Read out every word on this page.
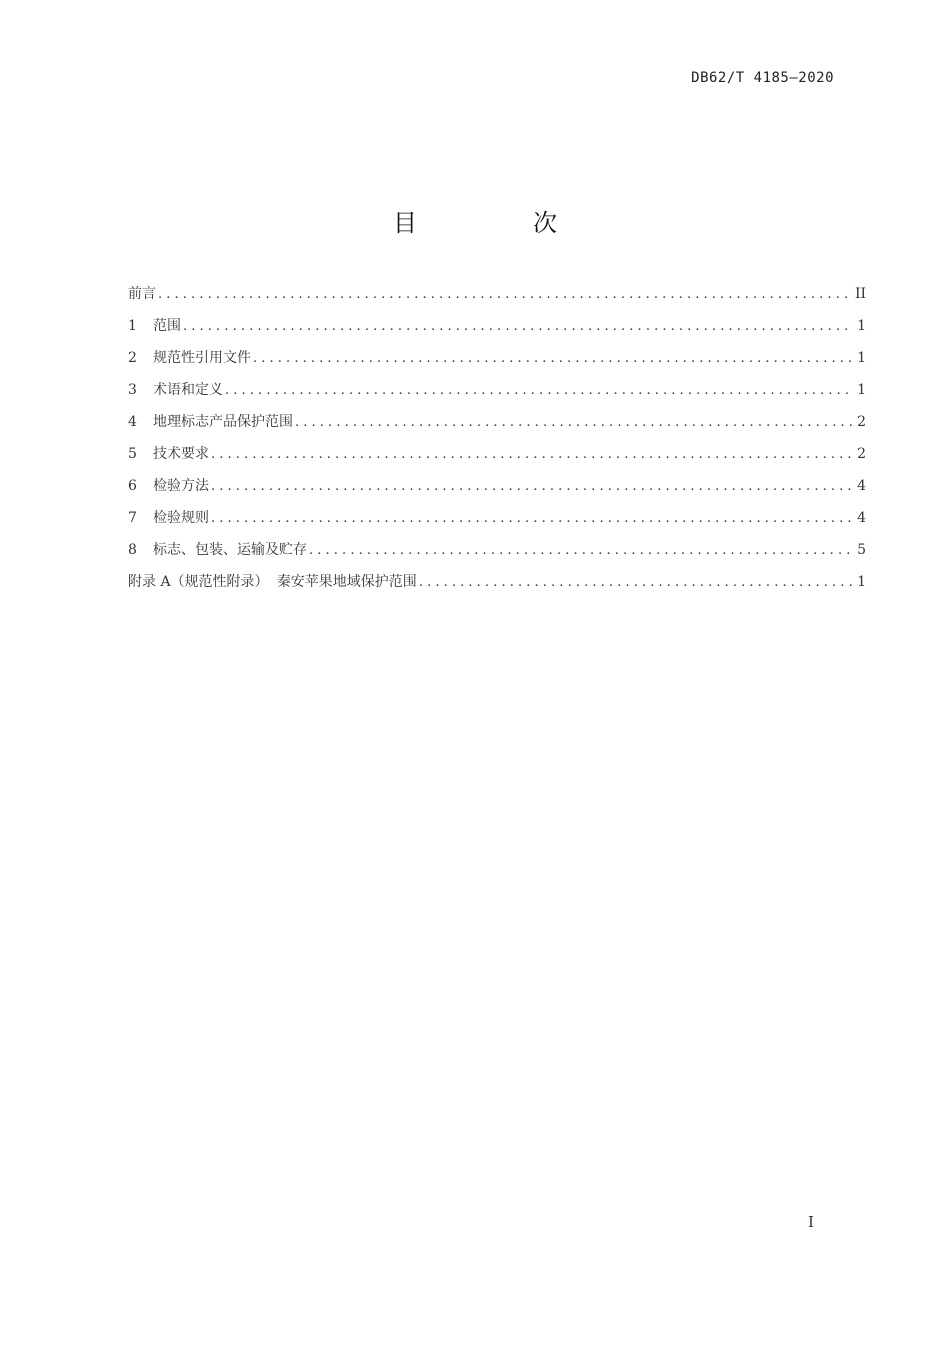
DB62/T 4185—2020
目　次
前言 . . .	II
1	范围 . . .	1
2	规范性引用文件 . . .	1
3	术语和定义 . . .	1
4	地理标志产品保护范围 . . .	2
5	技术要求 . . .	2
6	检验方法 . . .	4
7	检验规则 . . .	4
8	标志、包装、运输及贮存 . . .	5
附录 A（规范性附录） 秦安苹果地域保护范围 . . .	1
I
